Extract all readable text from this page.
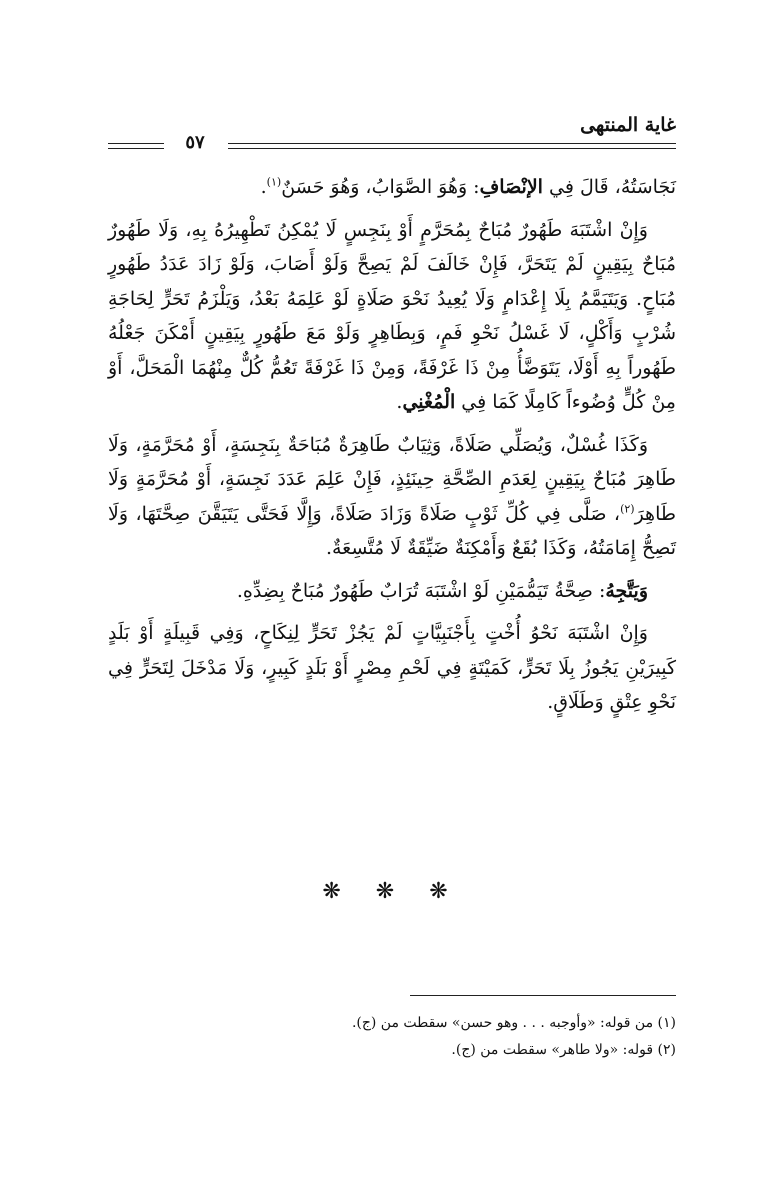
غاية المنتهى
٥٧

نَجَاسَتُهُ، قَالَ فِي الإنْصَافِ: وَهُوَ الصَّوَابُ، وَهُوَ حَسَنٌ$^{(١)}$.

وَإِنْ اشْتَبَهَ طَهُورٌ مُبَاحٌ بِمُحَرَّمٍ أَوْ بِنَجِسٍ لَا يُمْكِنُ تَطْهِيرُهُ بِهِ، وَلَا طَهُورٌ مُبَاحٌ بِيَقِينٍ لَمْ يَتَحَرَّ، فَإِنْ خَالَفَ لَمْ يَصِحَّ وَلَوْ أَصَابَ، وَلَوْ زَادَ عَدَدُ طَهُورٍ مُبَاحٍ. وَيَتَيَمَّمُ بِلَا إِعْدَامٍ وَلَا يُعِيدُ نَحْوَ صَلَاةٍ لَوْ عَلِمَهُ بَعْدُ، وَيَلْزَمُ تَحَرٍّ لِحَاجَةِ شُرْبٍ وَأَكْلٍ، لَا غَسْلُ نَحْوِ فَمٍ، وَبِطَاهِرٍ وَلَوْ مَعَ طَهُورٍ بِيَقِينٍ أَمْكَنَ جَعْلُهُ طَهُوراً بِهِ أَوْلَا، يَتَوَضَّأُ مِنْ ذَا غَرْفَةً، وَمِنْ ذَا غَرْفَةً تَعُمُّ كُلٌّ مِنْهُمَا الْمَحَلَّ، أَوْ مِنْ كُلٍّ وُضُوءاً كَامِلًا كَمَا فِي الْمُغْنِي.

وَكَذَا غُسْلٌ، وَيُصَلِّي صَلَاةً، وَثِيَابٌ طَاهِرَةٌ مُبَاحَةٌ بِنَجِسَةٍ، أَوْ مُحَرَّمَةٍ، وَلَا طَاهِرَ مُبَاحٌ بِيَقِينٍ لِعَدَمِ الصِّحَّةِ حِينَئِذٍ، فَإِنْ عَلِمَ عَدَدَ نَجِسَةٍ، أَوْ مُحَرَّمَةٍ وَلَا طَاهِرَ$^{(٢)}$، صَلَّى فِي كُلِّ ثَوْبٍ صَلَاةً وَزَادَ صَلَاةً، وَإِلَّا فَحَتَّى يَتَيَقَّنَ صِحَّتَهَا، وَلَا تَصِحُّ إِمَامَتُهُ، وَكَذَا بُقَعٌ وَأَمْكِنَةٌ ضَيِّقَةٌ لَا مُتَّسِعَةٌ.

وَيَتَّجِهُ: صِحَّةُ تَيَمُّمَيْنِ لَوْ اشْتَبَهَ تُرَابٌ طَهُورٌ مُبَاحٌ بِضِدِّهِ.

وَإِنْ اشْتَبَهَ نَحْوُ أُخْتٍ بِأَجْنَبِيَّاتٍ لَمْ يَجُزْ تَحَرٍّ لِنِكَاحٍ، وَفِي قَبِيلَةٍ أَوْ بَلَدٍ كَبِيرَيْنِ يَجُوزُ بِلَا تَحَرٍّ، كَمَيْتَةٍ فِي لَحْمِ مِصْرٍ أَوْ بَلَدٍ كَبِيرٍ، وَلَا مَدْخَلَ لِتَحَرٍّ فِي نَحْوِ عِتْقٍ وَطَلَاقٍ.

❋ ❋ ❋
(١) من قوله: «وأوجبه . . . وهو حسن» سقطت من (ج).
(٢) قوله: «ولا طاهر» سقطت من (ج).
